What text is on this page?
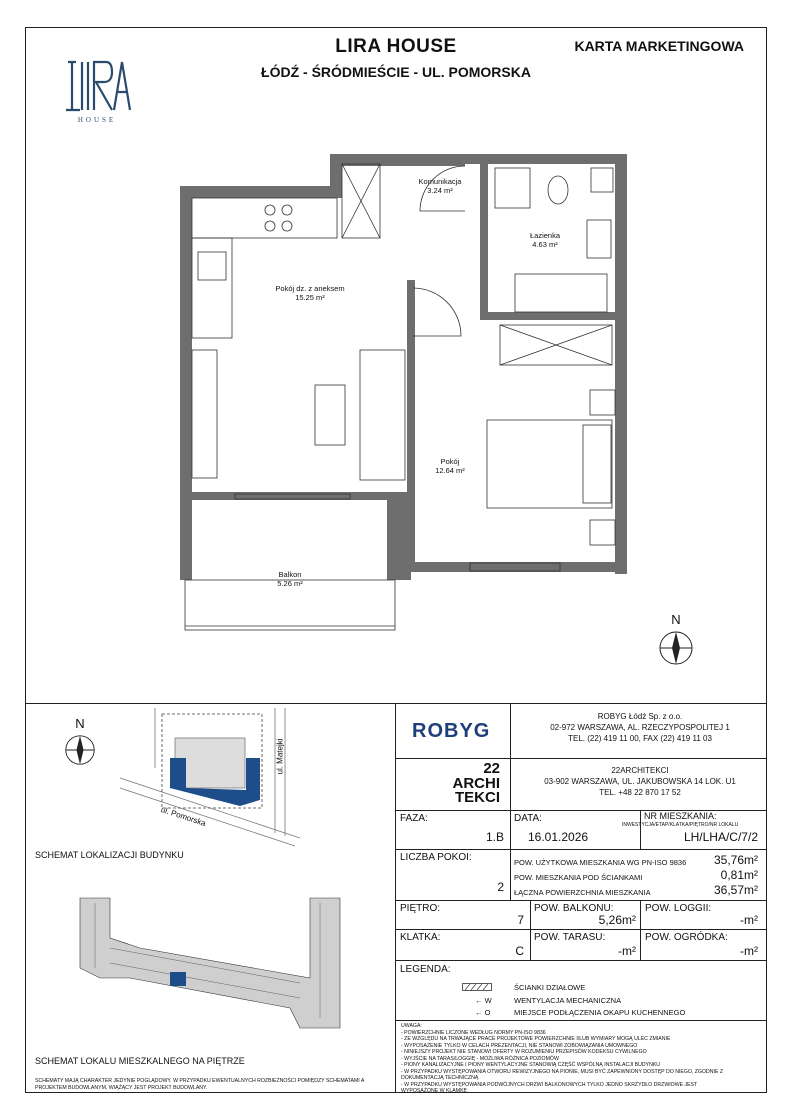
LIRA HOUSE
ŁÓDŹ - ŚRÓDMIEŚCIE - UL. POMORSKA
KARTA MARKETINGOWA
HOUSE
Komunikacja
3.24 m²
Łazienka
4.63 m²
Pokój dz. z aneksem
15.25 m²
Pokój
12.64 m²
Balkon
5.26 m²
N
N
ul. Pomorska
ul. Matejki
SCHEMAT LOKALIZACJI BUDYNKU
SCHEMAT LOKALU MIESZKALNEGO NA PIĘTRZE
SCHEMATY MAJĄ CHARAKTER JEDYNIE POGLĄDOWY. W PRZYPADKU EWENTUALNYCH ROZBIEŻNOŚCI POMIĘDZY SCHEMATAMI A
PROJEKTEM BUDOWLANYM, WIĄŻĄCY JEST PROJEKT BUDOWLANY.
ROBYG
ROBYG Łódź Sp. z o.o.
02-972 WARSZAWA, AL. RZECZYPOSPOLITEJ 1
TEL. (22) 419 11 00, FAX (22) 419 11 03
22
ARCHI
TEKCI
22ARCHITEKCI
03-902 WARSZAWA, UL. JAKUBOWSKA 14 LOK. U1
TEL. +48 22 870 17 52
FAZA:
1.B
DATA:
16.01.2026
NR MIESZKANIA:
INWESTYCJA/ETAP/KLATKA/PIĘTRO/NR LOKALU
LH/LHA/C/7/2
LICZBA POKOI:
2
POW. UŻYTKOWA MIESZKANIA WG PN-ISO 9836	35,76m²
POW. MIESZKANIA POD ŚCIANKAMI	0,81m²
ŁĄCZNA POWIERZCHNIA MIESZKANIA	36,57m²
PIĘTRO:
7
POW. BALKONU:
5,26m²
POW. LOGGII:
-m²
KLATKA:
C
POW. TARASU:
-m²
POW. OGRÓDKA:
-m²
LEGENDA:
ŚCIANKI DZIAŁOWE
← W	WENTYLACJA MECHANICZNA
← O	MIEJSCE PODŁĄCZENIA OKAPU KUCHENNEGO
UWAGA:
- POWIERZCHNIE LICZONE WEDŁUG NORMY PN-ISO 9836
- ZE WZGLĘDU NA TRWAJĄCE PRACE PROJEKTOWE POWIERZCHNIE I/LUB WYMIARY MOGĄ ULEC ZMIANIE
- WYPOSAŻENIE TYLKO W CELACH PREZENTACJI, NIE STANOWI ZOBOWIĄZANIA UMOWNEGO
- NINIEJSZY PROJEKT NIE STANOWI OFERTY W ROZUMIENIU PRZEPISÓW KODEKSU CYWILNEGO
- WYJŚCIE NA TARAS/LOGGIĘ - MOŻLIWA RÓŻNICA POZIOMÓW
- PIONY KANALIZACYJNE I PIONY WENTYLACYJNE STANOWIĄ CZĘŚĆ WSPÓLNĄ INSTALACJI BUDYNKU
- W PRZYPADKU WYSTĘPOWANIA OTWORU REWIZYJNEGO NA PIONIE, MUSI BYĆ ZAPEWNIONY DOSTĘP DO NIEGO, ZGODNIE Z
DOKUMENTACJĄ TECHNICZNĄ
- W PRZYPADKU WYSTĘPOWANIA PODWÓJNYCH DRZWI BALKONOWYCH TYLKO JEDNO SKRZYDŁO DRZWIOWE JEST
WYPOSAŻONE W KLAMKĘ
